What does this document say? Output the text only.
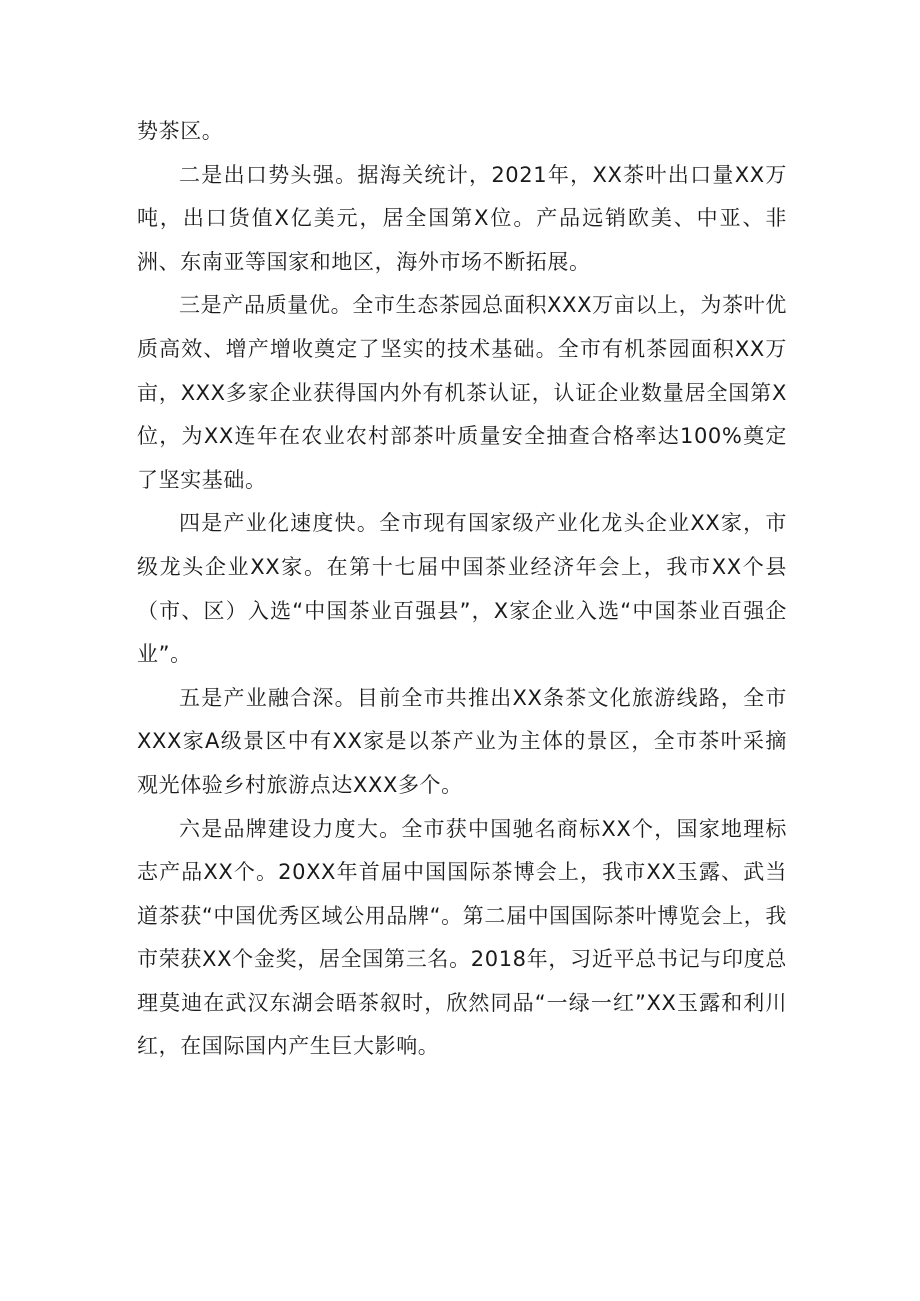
势茶区。

二是出口势头强。据海关统计，2021年，XX茶叶出口量XX万吨，出口货值X亿美元，居全国第X位。产品远销欧美、中亚、非洲、东南亚等国家和地区，海外市场不断拓展。

三是产品质量优。全市生态茶园总面积XXX万亩以上，为茶叶优质高效、增产增收奠定了坚实的技术基础。全市有机茶园面积XX万亩，XXX多家企业获得国内外有机茶认证，认证企业数量居全国第X位，为XX连年在农业农村部茶叶质量安全抽查合格率达100%奠定了坚实基础。

四是产业化速度快。全市现有国家级产业化龙头企业XX家，市级龙头企业XX家。在第十七届中国茶业经济年会上，我市XX个县（市、区）入选“中国茶业百强县”，X家企业入选“中国茶业百强企业”。

五是产业融合深。目前全市共推出XX条茶文化旅游线路，全市XXX家A级景区中有XX家是以茶产业为主体的景区，全市茶叶采摘观光体验乡村旅游点达XXX多个。

六是品牌建设力度大。全市获中国驰名商标XX个，国家地理标志产品XX个。20XX年首届中国国际茶博会上，我市XX玉露、武当道茶获“中国优秀区域公用品牌“。第二届中国国际茶叶博览会上，我市荣获XX个金奖，居全国第三名。2018年，习近平总书记与印度总理莫迪在武汉东湖会晤茶叙时，欣然同品“一绿一红”XX玉露和利川红，在国际国内产生巨大影响。
